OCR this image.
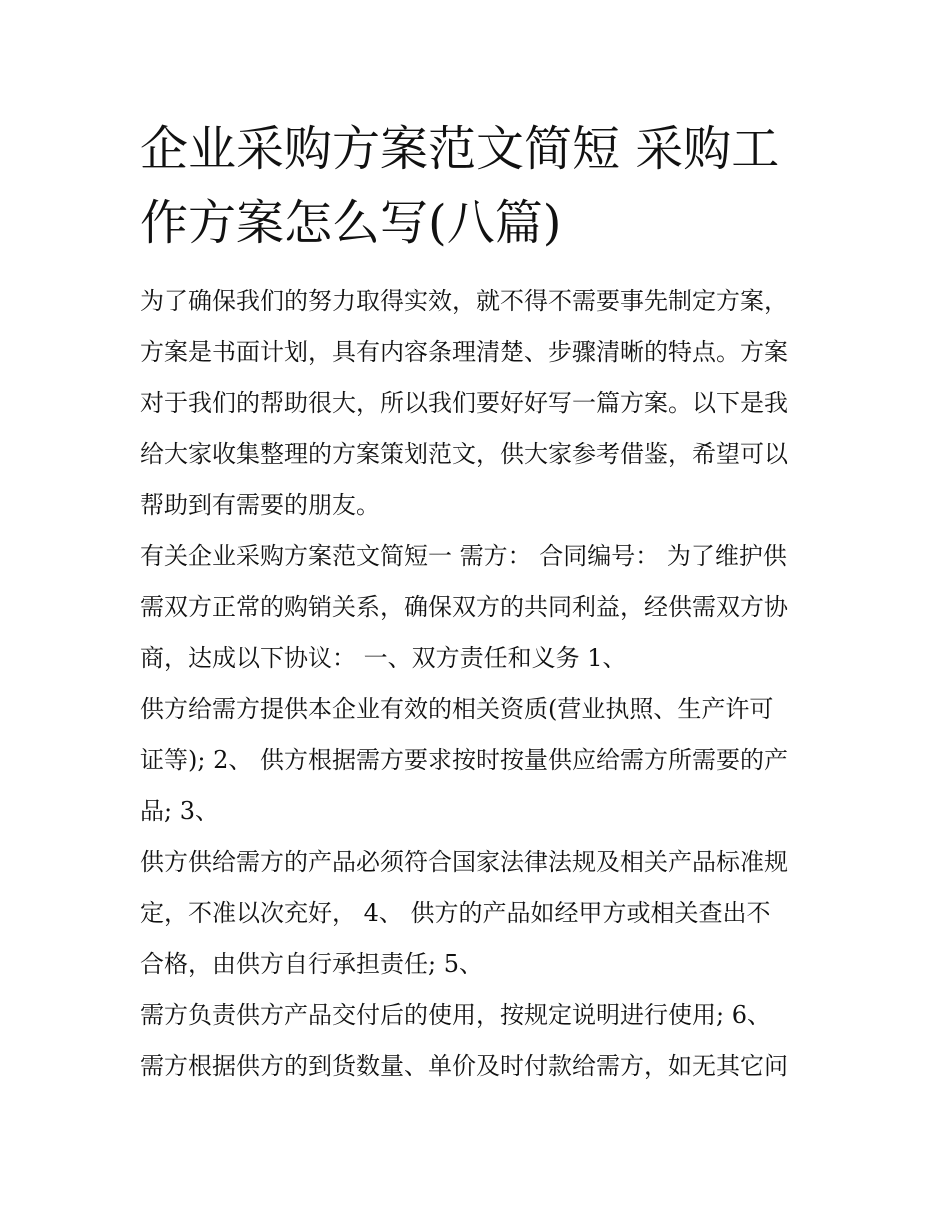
企业采购方案范文简短 采购工
作方案怎么写(八篇)

为了确保我们的努力取得实效，就不得不需要事先制定方案，
方案是书面计划，具有内容条理清楚、步骤清晰的特点。方案
对于我们的帮助很大，所以我们要好好写一篇方案。以下是我
给大家收集整理的方案策划范文，供大家参考借鉴，希望可以
帮助到有需要的朋友。

有关企业采购方案范文简短一 需方： 合同编号： 为了维护供
需双方正常的购销关系，确保双方的共同利益，经供需双方协
商，达成以下协议： 一、双方责任和义务 1、

供方给需方提供本企业有效的相关资质(营业执照、生产许可
证等); 2、 供方根据需方要求按时按量供应给需方所需要的产
品; 3、

供方供给需方的产品必须符合国家法律法规及相关产品标准规
定，不准以次充好， 4、 供方的产品如经甲方或相关查出不
合格，由供方自行承担责任; 5、

需方负责供方产品交付后的使用，按规定说明进行使用; 6、

需方根据供方的到货数量、单价及时付款给需方，如无其它问
